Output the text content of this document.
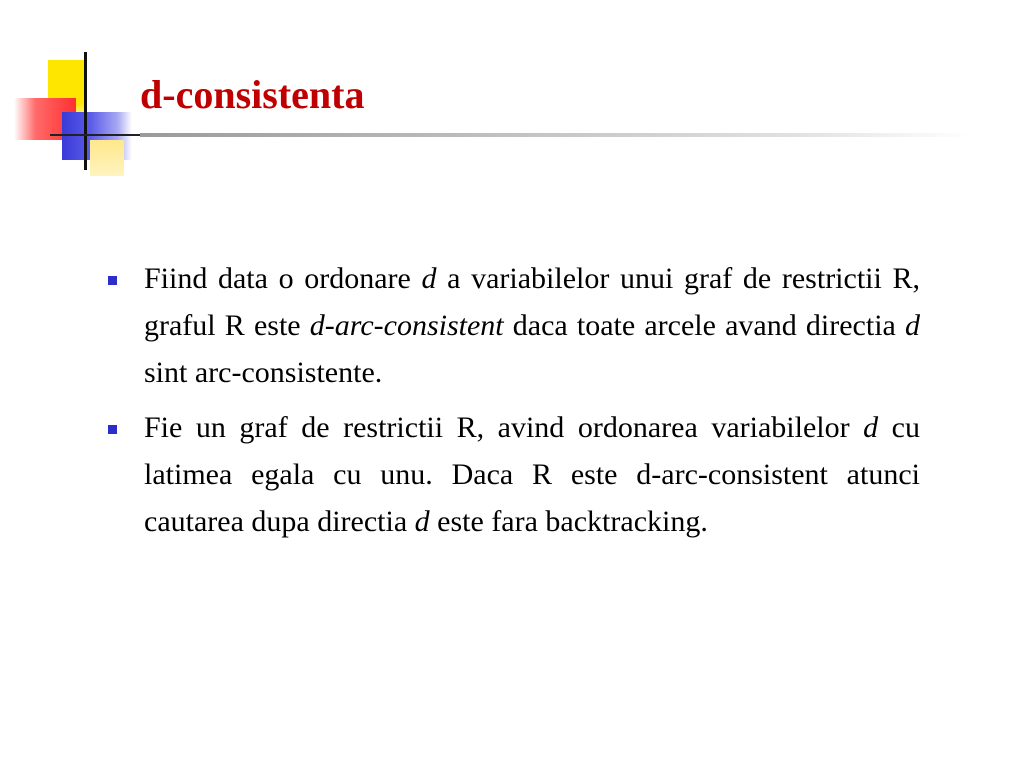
d-consistenta
Fiind data o ordonare d a variabilelor unui graf de restrictii R, graful R este d-arc-consistent daca toate arcele avand directia d sint arc-consistente.
Fie un graf de restrictii R, avind ordonarea variabilelor d cu latimea egala cu unu. Daca R este d-arc-consistent atunci cautarea dupa directia d este fara backtracking.
